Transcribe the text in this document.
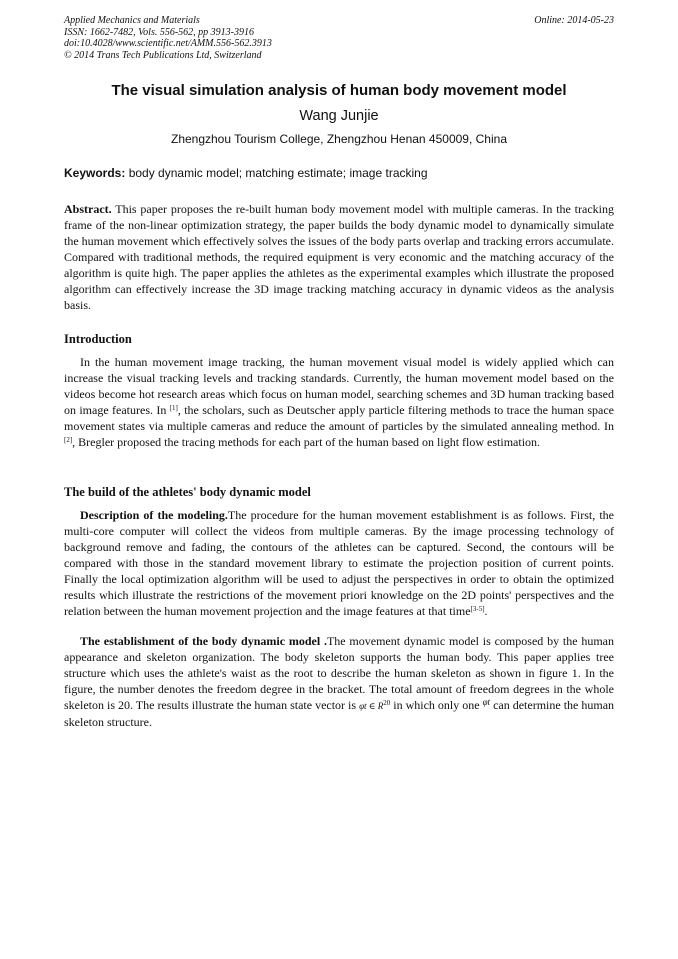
Applied Mechanics and Materials
ISSN: 1662-7482, Vols. 556-562, pp 3913-3916
doi:10.4028/www.scientific.net/AMM.556-562.3913
© 2014 Trans Tech Publications Ltd, Switzerland
Online: 2014-05-23
The visual simulation analysis of human body movement model
Wang Junjie
Zhengzhou Tourism College, Zhengzhou Henan 450009, China
Keywords: body dynamic model; matching estimate; image tracking
Abstract. This paper proposes the re-built human body movement model with multiple cameras. In the tracking frame of the non-linear optimization strategy, the paper builds the body dynamic model to dynamically simulate the human movement which effectively solves the issues of the body parts overlap and tracking errors accumulate. Compared with traditional methods, the required equipment is very economic and the matching accuracy of the algorithm is quite high. The paper applies the athletes as the experimental examples which illustrate the proposed algorithm can effectively increase the 3D image tracking matching accuracy in dynamic videos as the analysis basis.
Introduction
In the human movement image tracking, the human movement visual model is widely applied which can increase the visual tracking levels and tracking standards. Currently, the human movement model based on the videos become hot research areas which focus on human model, searching schemes and 3D human tracking based on image features. In [1], the scholars, such as Deutscher apply particle filtering methods to trace the human space movement states via multiple cameras and reduce the amount of particles by the simulated annealing method. In [2], Bregler proposed the tracing methods for each part of the human based on light flow estimation.
The build of the athletes' body dynamic model
Description of the modeling.The procedure for the human movement establishment is as follows. First, the multi-core computer will collect the videos from multiple cameras. By the image processing technology of background remove and fading, the contours of the athletes can be captured. Second, the contours will be compared with those in the standard movement library to estimate the projection position of current points. Finally the local optimization algorithm will be used to adjust the perspectives in order to obtain the optimized results which illustrate the restrictions of the movement priori knowledge on the 2D points' perspectives and the relation between the human movement projection and the image features at that time[3-5].
The establishment of the body dynamic model .The movement dynamic model is composed by the human appearance and skeleton organization. The body skeleton supports the human body. This paper applies tree structure which uses the athlete's waist as the root to describe the human skeleton as shown in figure 1. In the figure, the number denotes the freedom degree in the bracket. The total amount of freedom degrees in the whole skeleton is 20. The results illustrate the human state vector is φt ∈ $R^{20}$ in which only one $^{\varphi t}$ can determine the human skeleton structure.
